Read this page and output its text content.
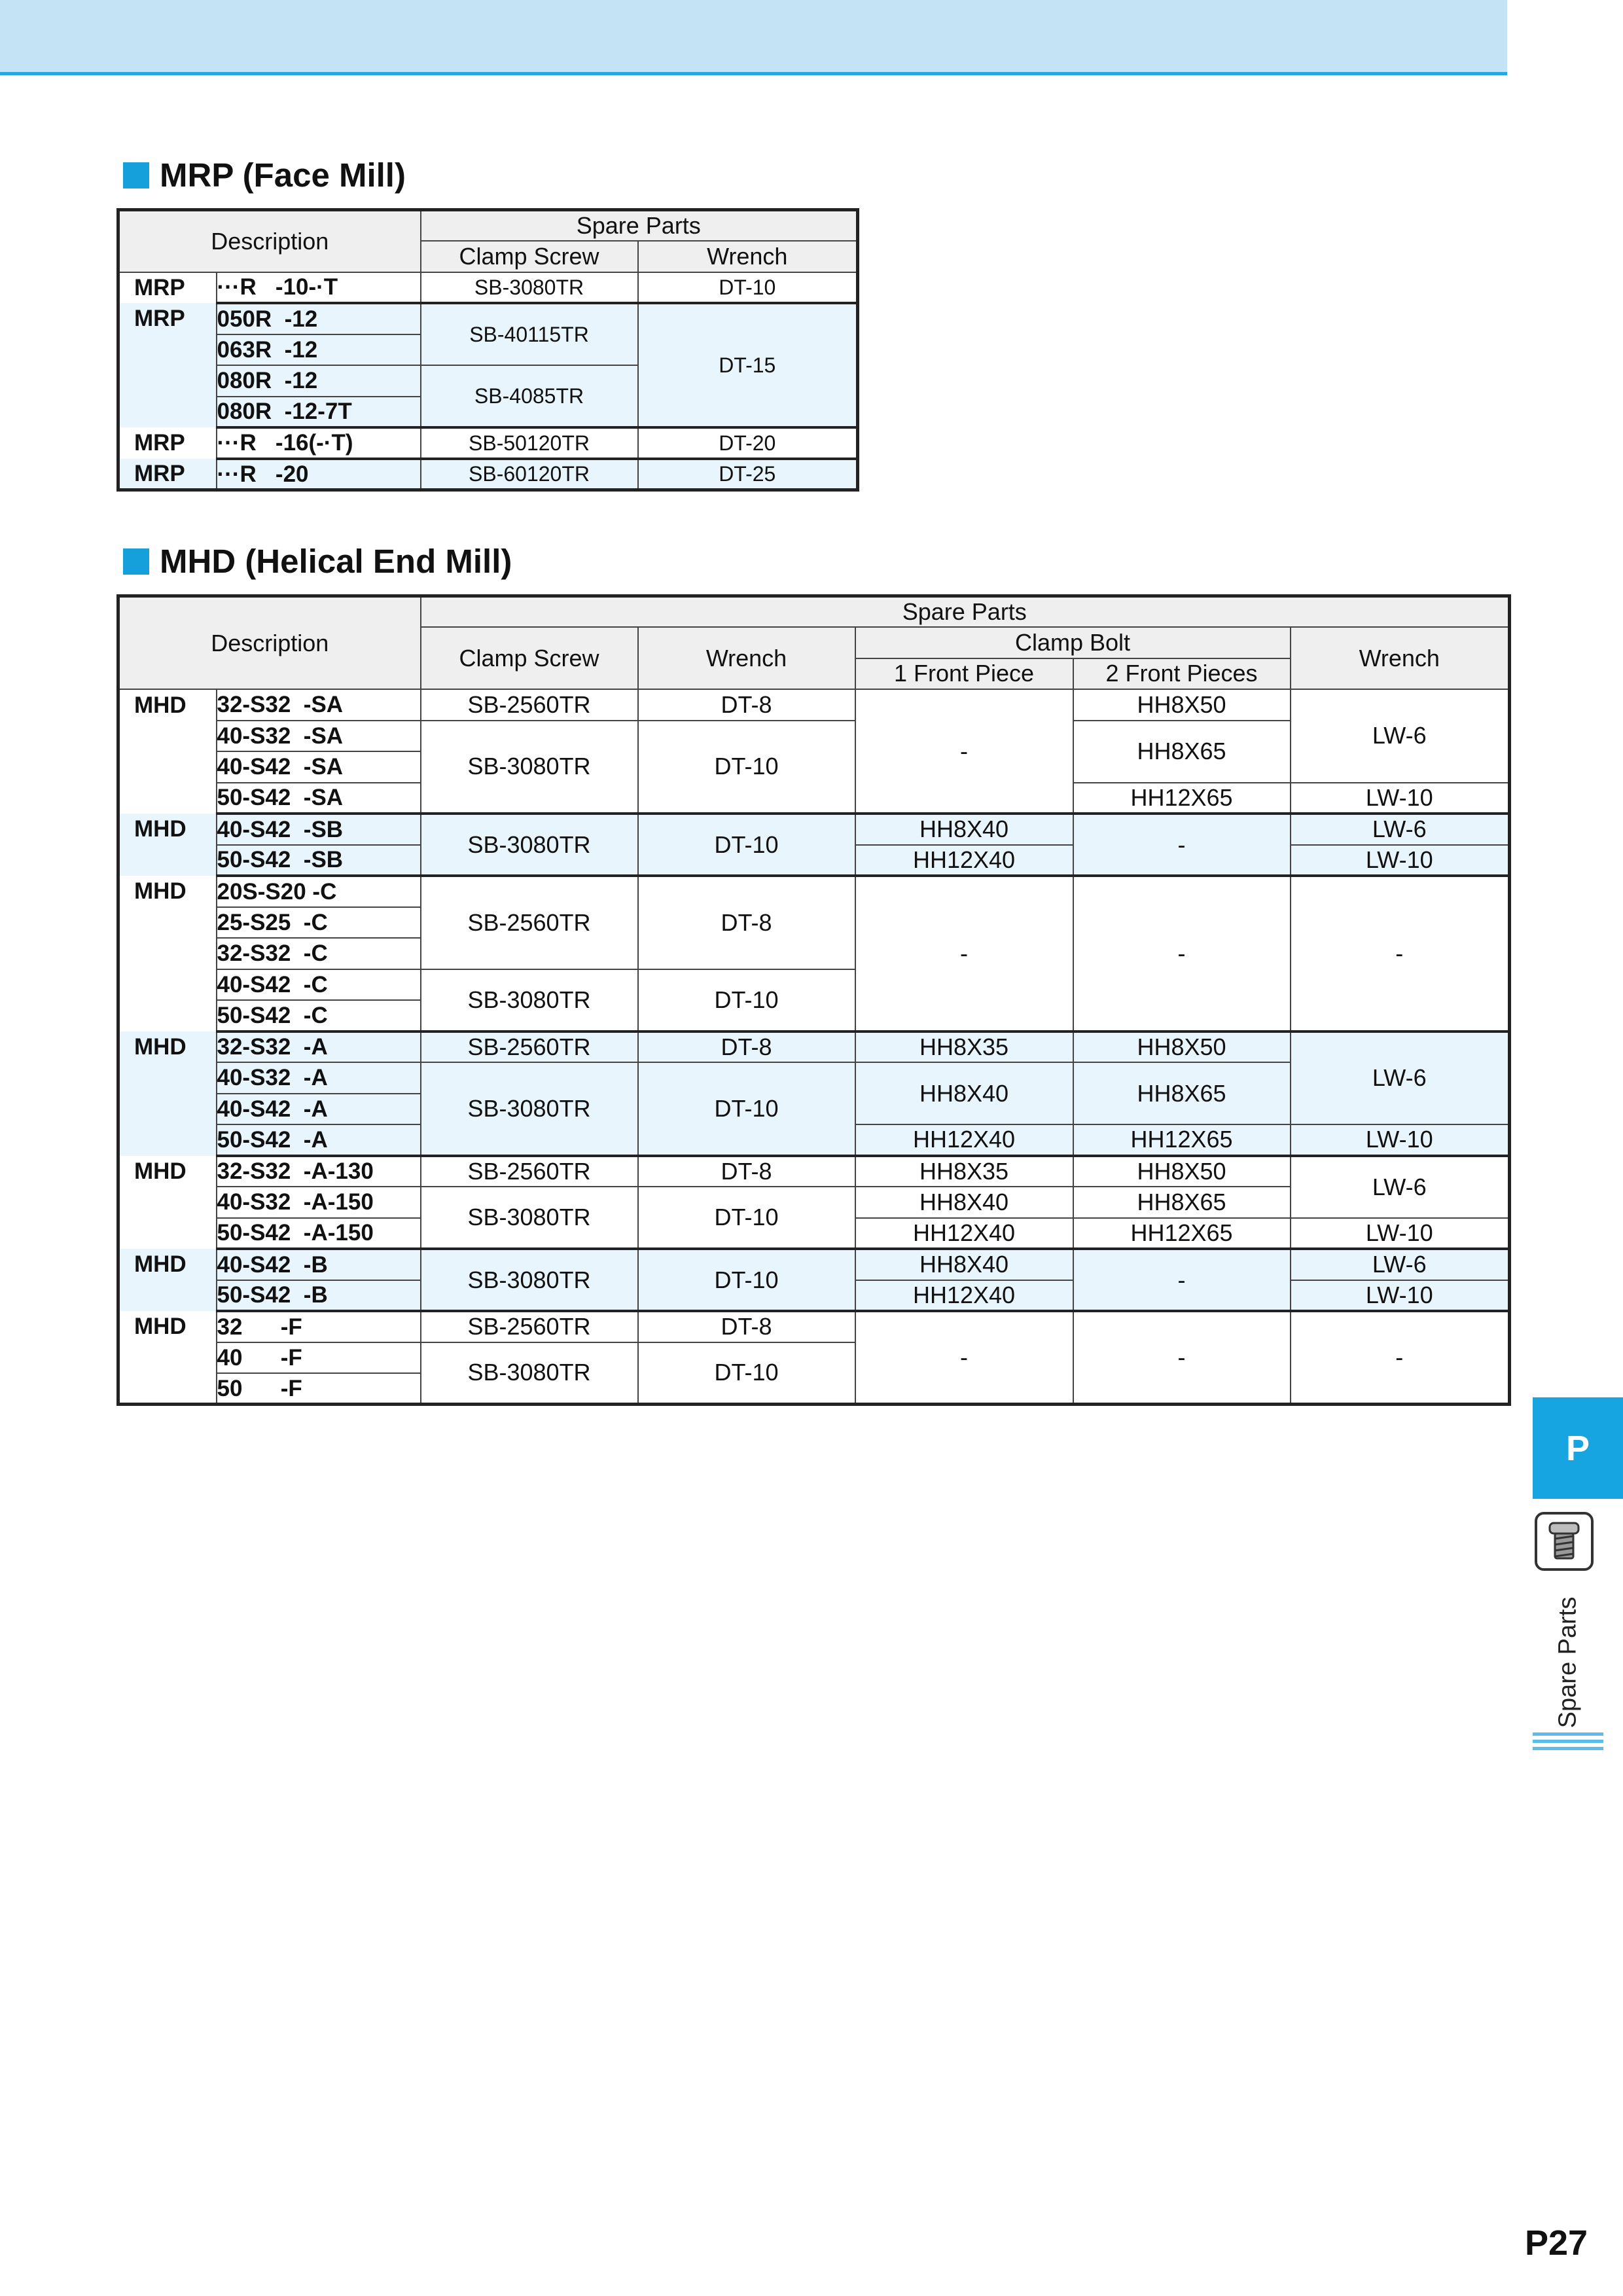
MRP (Face Mill)
Description		Spare Parts	
		Clamp Screw	Wrench
MRP	···R   -10-·T	SB-3080TR	DT-10
MRP	050R  -12	SB-40115TR	DT-15
	063R  -12		
	080R  -12	SB-4085TR	
	080R  -12-7T		
MRP	···R   -16(-·T)	SB-50120TR	DT-20
MRP	···R   -20	SB-60120TR	DT-25
MHD (Helical End Mill)
Description		Spare Parts				
		Clamp Screw	Wrench	Clamp Bolt		Wrench
				1 Front Piece	2 Front Pieces	
MHD	32-S32  -SA	SB-2560TR	DT-8	-	HH8X50	LW-6
	40-S32  -SA	SB-3080TR	DT-10		HH8X65	
	40-S42  -SA					
	50-S42  -SA				HH12X65	LW-10
MHD	40-S42  -SB	SB-3080TR	DT-10	HH8X40	-	LW-6
	50-S42  -SB			HH12X40		LW-10
MHD	20S-S20 -C	SB-2560TR	DT-8	-	-	-
	25-S25  -C					
	32-S32  -C					
	40-S42  -C	SB-3080TR	DT-10			
	50-S42  -C					
MHD	32-S32  -A	SB-2560TR	DT-8	HH8X35	HH8X50	LW-6
	40-S32  -A	SB-3080TR	DT-10	HH8X40	HH8X65	
	40-S42  -A					
	50-S42  -A			HH12X40	HH12X65	LW-10
MHD	32-S32  -A-130	SB-2560TR	DT-8	HH8X35	HH8X50	LW-6
	40-S32  -A-150	SB-3080TR	DT-10	HH8X40	HH8X65	
	50-S42  -A-150			HH12X40	HH12X65	LW-10
MHD	40-S42  -B	SB-3080TR	DT-10	HH8X40	-	LW-6
	50-S42  -B			HH12X40		LW-10
MHD	32      -F	SB-2560TR	DT-8	-	-	-
	40      -F	SB-3080TR	DT-10			
	50      -F					
P
Spare Parts
P27
